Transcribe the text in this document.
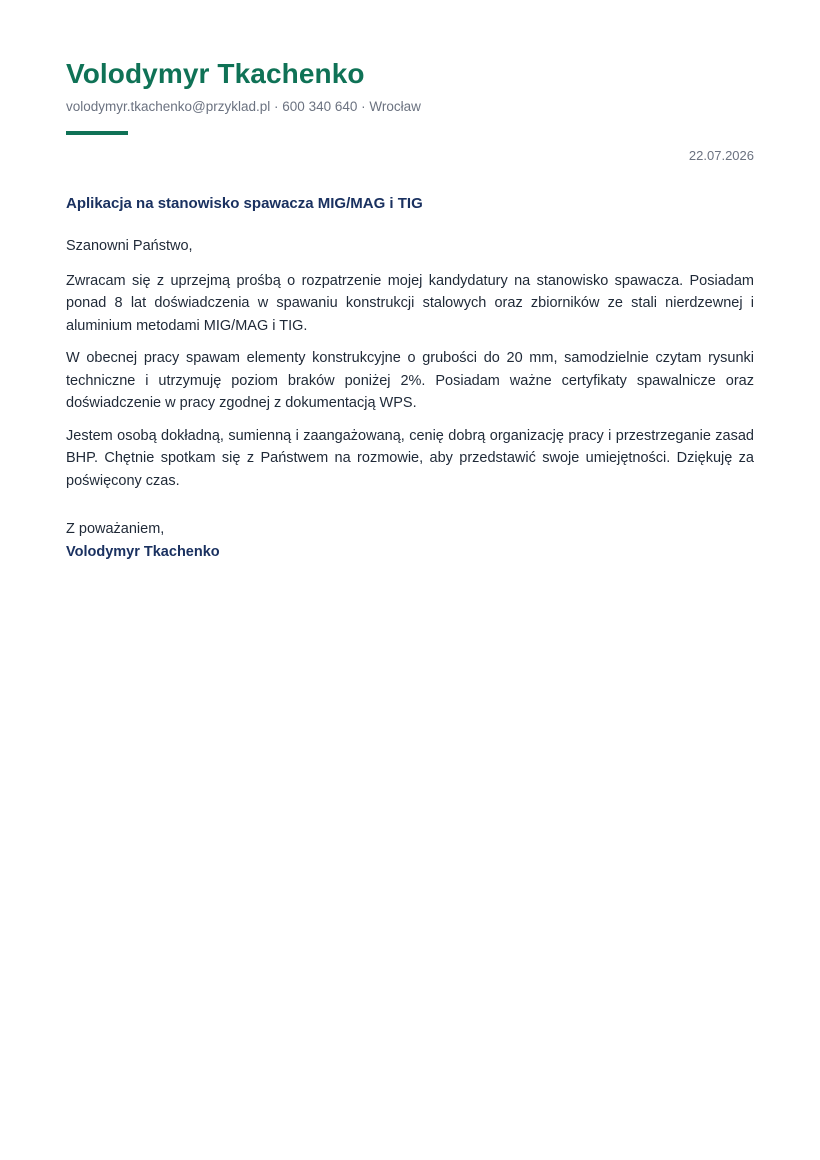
Volodymyr Tkachenko
volodymyr.tkachenko@przyklad.pl · 600 340 640 · Wrocław
22.07.2026
Aplikacja na stanowisko spawacza MIG/MAG i TIG

Szanowni Państwo,

Zwracam się z uprzejmą prośbą o rozpatrzenie mojej kandydatury na stanowisko spawacza. Posiadam ponad 8 lat doświadczenia w spawaniu konstrukcji stalowych oraz zbiorników ze stali nierdzewnej i aluminium metodami MIG/MAG i TIG.

W obecnej pracy spawam elementy konstrukcyjne o grubości do 20 mm, samodzielnie czytam rysunki techniczne i utrzymuję poziom braków poniżej 2%. Posiadam ważne certyfikaty spawalnicze oraz doświadczenie w pracy zgodnej z dokumentacją WPS.

Jestem osobą dokładną, sumienną i zaangażowaną, cenię dobrą organizację pracy i przestrzeganie zasad BHP. Chętnie spotkam się z Państwem na rozmowie, aby przedstawić swoje umiejętności. Dziękuję za poświęcony czas.

Z poważaniem,
Volodymyr Tkachenko
